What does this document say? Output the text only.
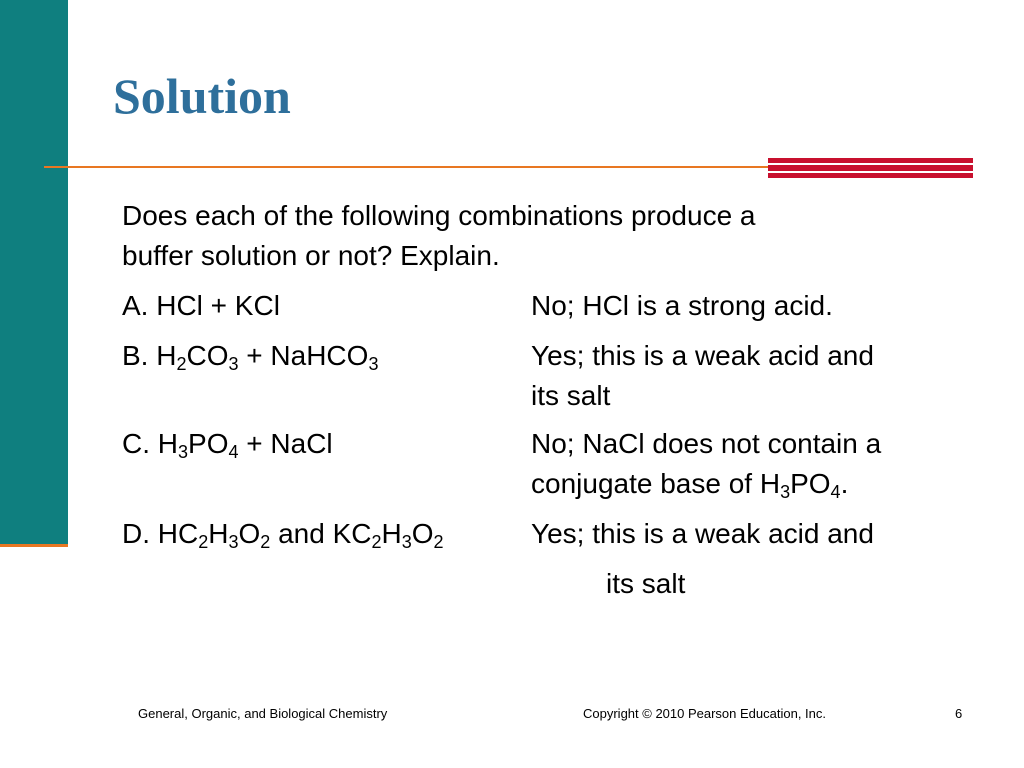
Solution
Does each of the following combinations produce a
buffer solution or not? Explain.
A. HCl + KCl	No; HCl is a strong acid.
B. $H_2CO_3$ + NaHCO$_3$	Yes; this is a weak acid and
its salt
C. $H_3PO_4$ + NaCl	No; NaCl does not contain a
conjugate base of $H_3PO_4$.
D. $HC_2H_3O_2$ and $KC_2H_3O_2$	Yes; this is a weak acid and
its salt
General, Organic, and Biological Chemistry	Copyright © 2010 Pearson Education, Inc.	6
